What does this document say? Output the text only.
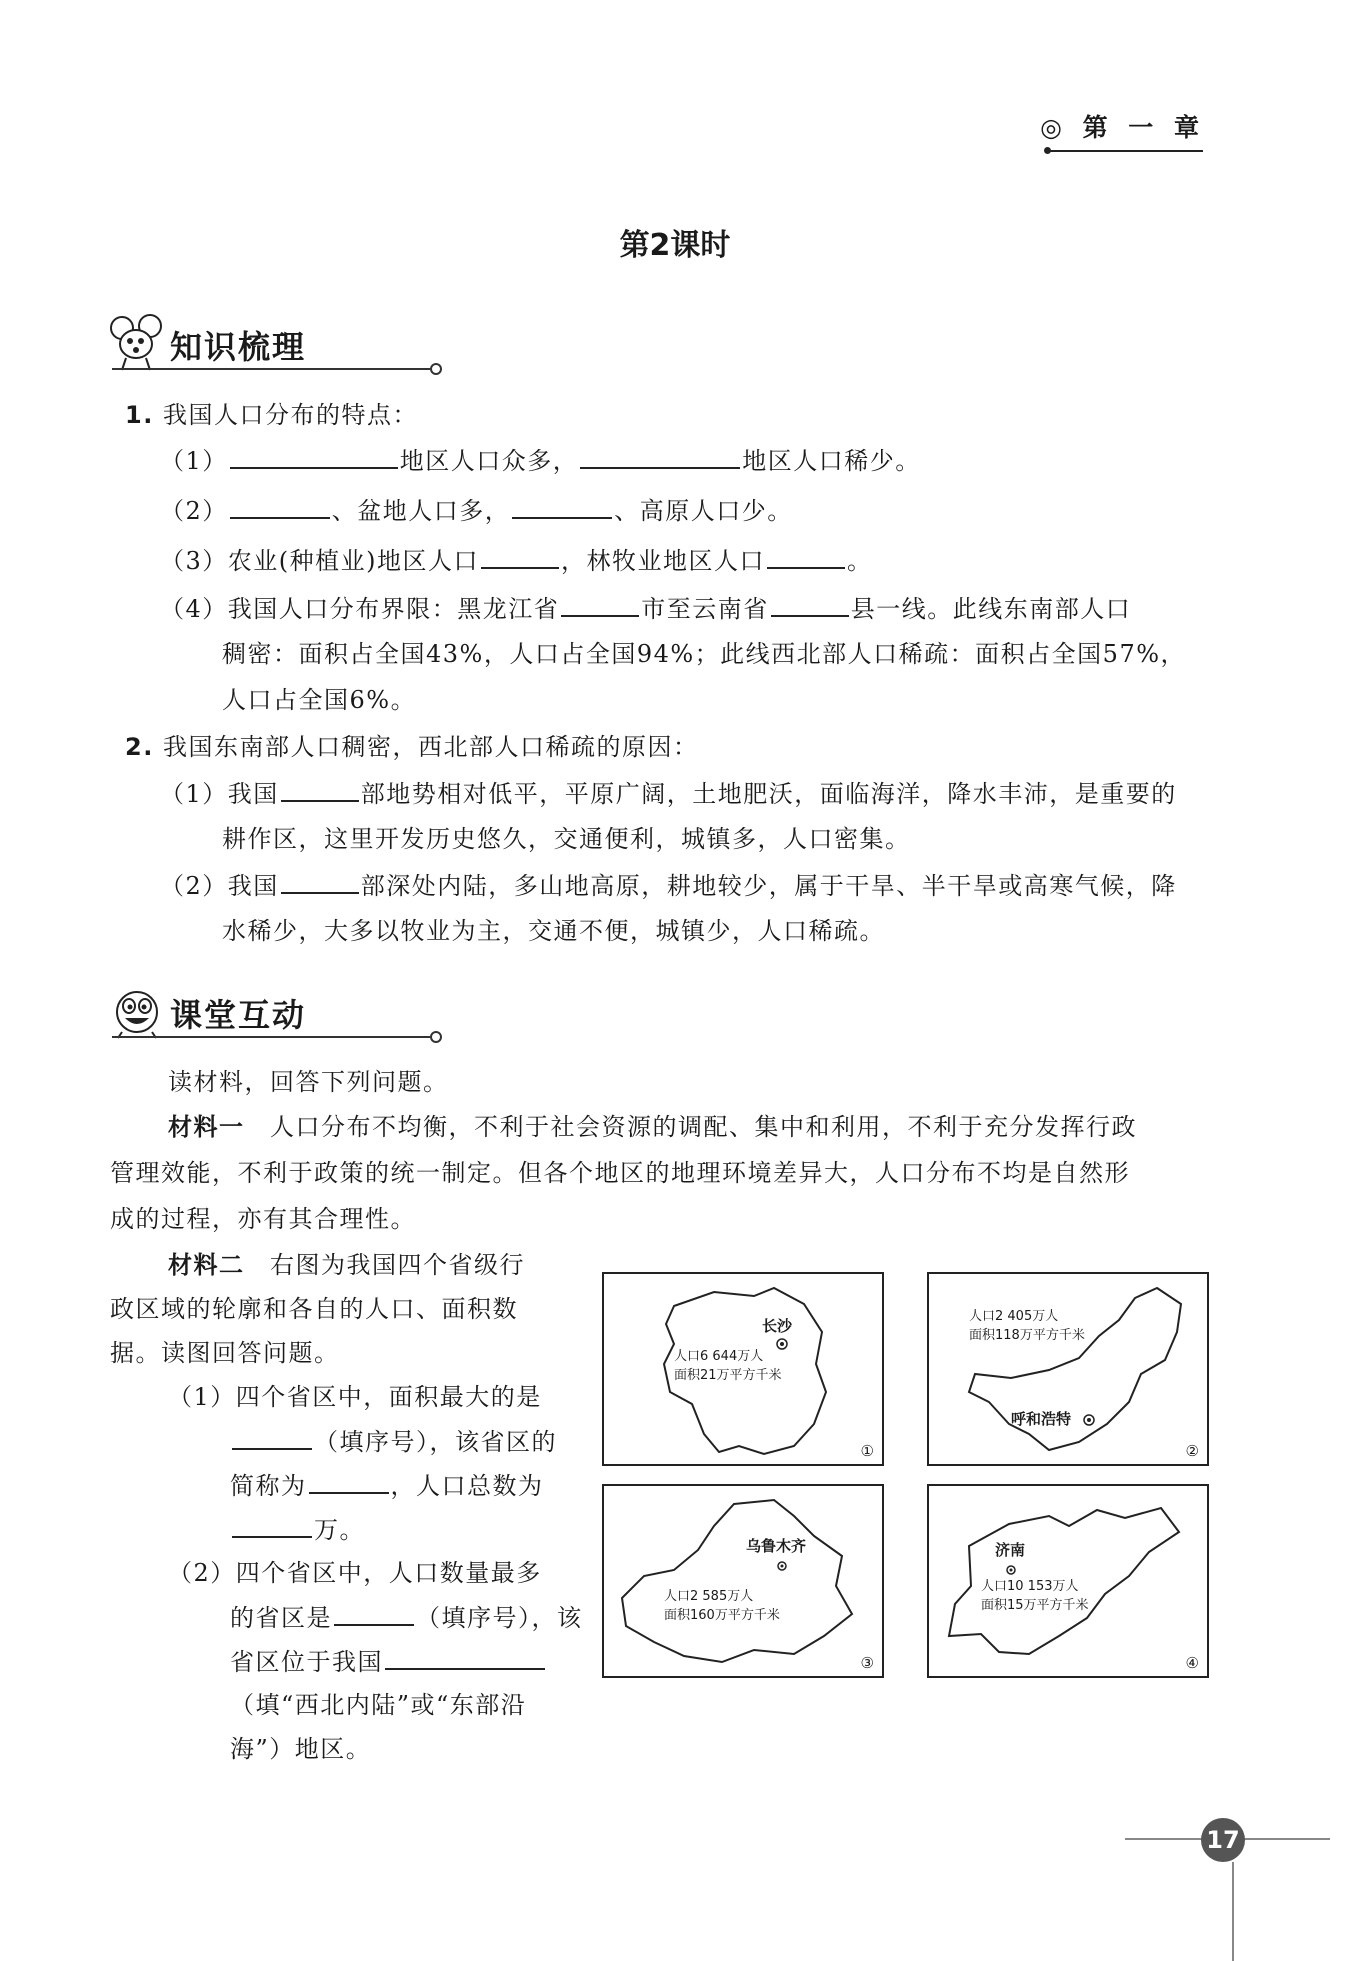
◎ 第 一 章
第2课时
知识梳理
1. 我国人口分布的特点：
（1）	地区人口众多，	地区人口稀少。
（2）	、盆地人口多，	、高原人口少。
（3）农业(种植业)地区人口	，林牧业地区人口	。
（4）我国人口分布界限：黑龙江省	市至云南省	县一线。此线东南部人口
稠密：面积占全国43%，人口占全国94%；此线西北部人口稀疏：面积占全国57%，
人口占全国6%。
2. 我国东南部人口稠密，西北部人口稀疏的原因：
（1）我国	部地势相对低平，平原广阔，土地肥沃，面临海洋，降水丰沛，是重要的
耕作区，这里开发历史悠久，交通便利，城镇多，人口密集。
（2）我国	部深处内陆，多山地高原，耕地较少，属于干旱、半干旱或高寒气候，降
水稀少，大多以牧业为主，交通不便，城镇少，人口稀疏。
课堂互动
读材料，回答下列问题。
材料一　 人口分布不均衡，不利于社会资源的调配、集中和利用，不利于充分发挥行政
管理效能，不利于政策的统一制定。但各个地区的地理环境差异大，人口分布不均是自然形
成的过程，亦有其合理性。
材料二　 右图为我国四个省级行
政区域的轮廓和各自的人口、面积数
据。读图回答问题。
（1）四个省区中，面积最大的是
（填序号），该省区的
简称为	，人口总数为
万。
（2）四个省区中，人口数量最多
的省区是	（填序号），该
省区位于我国
（填“西北内陆”或“东部沿
海”）地区。
长沙
人口6 644万人
面积21万平方千米
①
人口2 405万人
面积118万平方千米
呼和浩特
②
乌鲁木齐
人口2 585万人
面积160万平方千米
③
济南
人口10 153万人
面积15万平方千米
④
17
